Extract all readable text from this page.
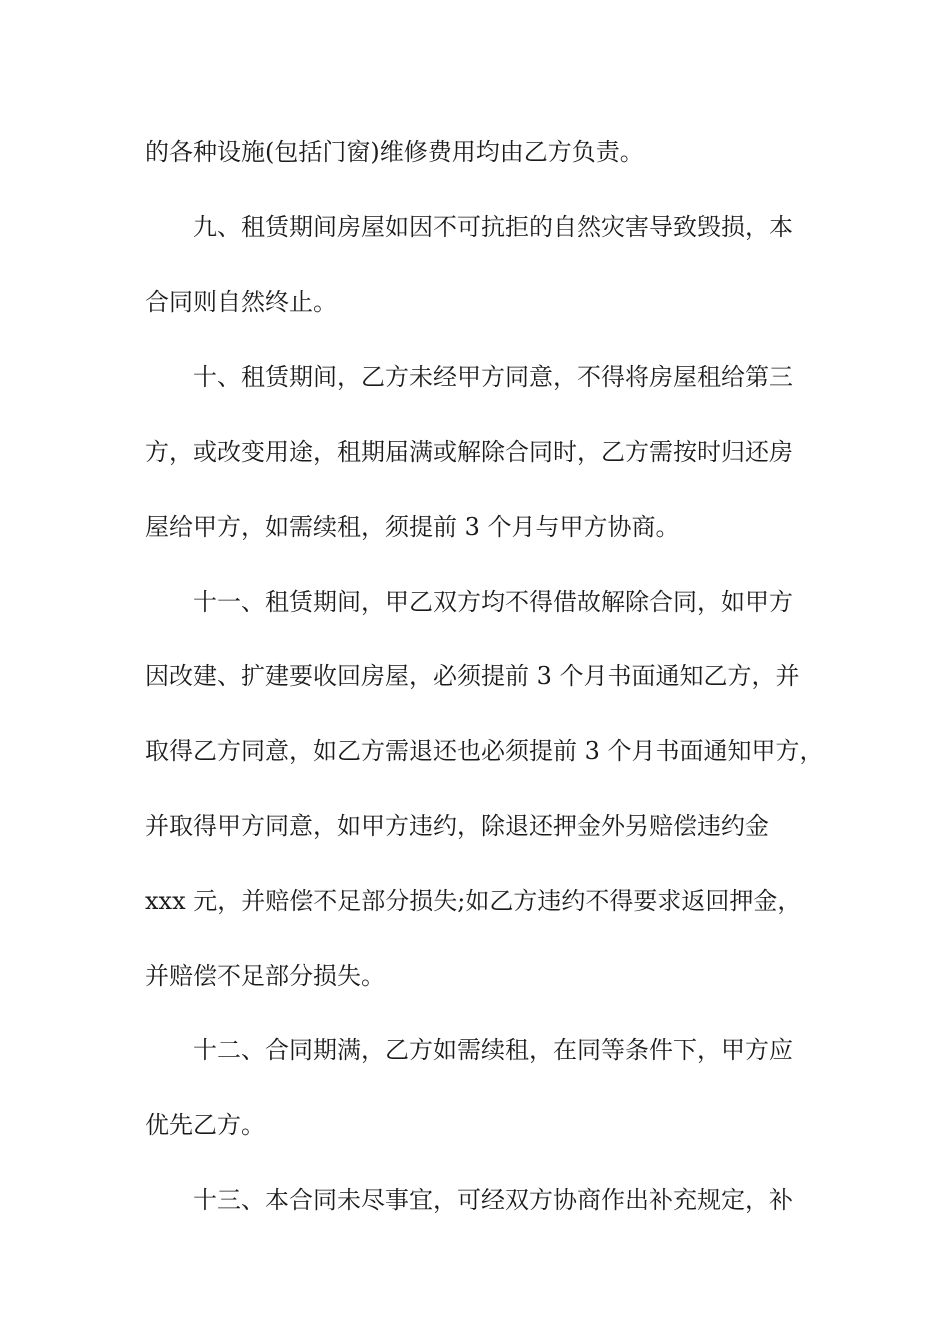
的各种设施(包括门窗)维修费用均由乙方负责。
九、租赁期间房屋如因不可抗拒的自然灾害导致毁损，本
合同则自然终止。
十、租赁期间，乙方未经甲方同意，不得将房屋租给第三
方，或改变用途，租期届满或解除合同时，乙方需按时归还房
屋给甲方，如需续租，须提前 3 个月与甲方协商。
十一、租赁期间，甲乙双方均不得借故解除合同，如甲方
因改建、扩建要收回房屋，必须提前 3 个月书面通知乙方，并
取得乙方同意，如乙方需退还也必须提前 3 个月书面通知甲方，
并取得甲方同意，如甲方违约，除退还押金外另赔偿违约金
xxx 元，并赔偿不足部分损失;如乙方违约不得要求返回押金，
并赔偿不足部分损失。
十二、合同期满，乙方如需续租，在同等条件下，甲方应
优先乙方。
十三、本合同未尽事宜，可经双方协商作出补充规定，补
